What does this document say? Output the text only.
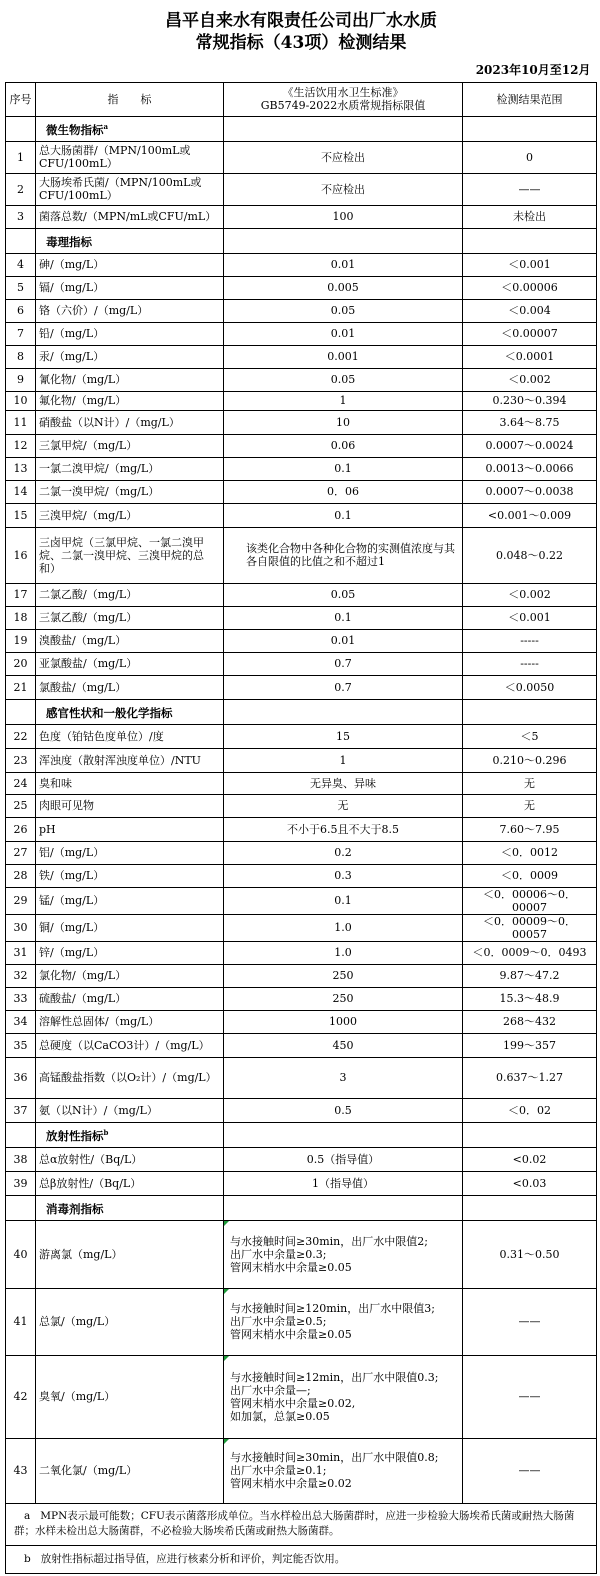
昌平自来水有限责任公司出厂水水质
常规指标（43项）检测结果			

2023年10月至12月			
序号	指　　标	《生活饮用水卫生标准》
GB5749-2022水质常规指标限值	检测结果范围
	微生物指标$^a$		
1	总大肠菌群/（MPN/100mL或CFU/100mL）	不应检出	0
2	大肠埃希氏菌/（MPN/100mL或CFU/100mL）	不应检出	——
3	菌落总数/（MPN/mL或CFU/mL）	100	未检出
	毒理指标		
4	砷/（mg/L）	0.01	＜0.001
5	镉/（mg/L）	0.005	＜0.00006
6	铬（六价）/（mg/L）	0.05	＜0.004
7	铅/（mg/L）	0.01	＜0.00007
8	汞/（mg/L）	0.001	＜0.0001
9	氰化物/（mg/L）	0.05	＜0.002
10	氟化物/（mg/L）	1	0.230～0.394
11	硝酸盐（以N计）/（mg/L）	10	3.64～8.75
12	三氯甲烷/（mg/L）	0.06	0.0007～0.0024
13	一氯二溴甲烷/（mg/L）	0.1	0.0013～0.0066
14	二氯一溴甲烷/（mg/L）	0．06	0.0007～0.0038
15	三溴甲烷/（mg/L）	0.1	<0.001～0.009
16	三卤甲烷（三氯甲烷、一氯二溴甲烷、二氯一溴甲烷、三溴甲烷的总和）	该类化合物中各种化合物的实测值浓度与其各自限值的比值之和不超过1	0.048～0.22
17	二氯乙酸/（mg/L）	0.05	＜0.002
18	三氯乙酸/（mg/L）	0.1	＜0.001
19	溴酸盐/（mg/L）	0.01	-----
20	亚氯酸盐/（mg/L）	0.7	-----
21	氯酸盐/（mg/L）	0.7	＜0.0050
	感官性状和一般化学指标		
22	色度（铂钴色度单位）/度	15	＜5
23	浑浊度（散射浑浊度单位）/NTU	1	0.210～0.296
24	臭和味	无异臭、异味	无
25	肉眼可见物	无	无
26	pH	不小于6.5且不大于8.5	7.60～7.95
27	铝/（mg/L）	0.2	＜0．0012
28	铁/（mg/L）	0.3	＜0．0009
29	锰/（mg/L）	0.1	＜0．00006～0．00007
30	铜/（mg/L）	1.0	＜0．00009～0．00057
31	锌/（mg/L）	1.0	＜0．0009～0．0493
32	氯化物/（mg/L）	250	9.87～47.2
33	硫酸盐/（mg/L）	250	15.3～48.9
34	溶解性总固体/（mg/L）	1000	268～432
35	总硬度（以CaCO3计）/（mg/L）	450	199～357
36	高锰酸盐指数（以O₂计）/（mg/L）	3	0.637～1.27
37	氨（以N计）/（mg/L）	0.5	＜0．02
	放射性指标$^b$		
38	总α放射性/（Bq/L）	0.5（指导值）	<0.02
39	总β放射性/（Bq/L）	1（指导值）	<0.03
	消毒剂指标		
40	游离氯（mg/L）	与水接触时间≥30min，出厂水中限值2;
出厂水中余量≥0.3;
管网末梢水中余量≥0.05	0.31～0.50
41	总氯/（mg/L）	与水接触时间≥120min，出厂水中限值3;
出厂水中余量≥0.5;
管网末梢水中余量≥0.05	——
42	臭氧/（mg/L）	与水接触时间≥12min，出厂水中限值0.3;
出厂水中余量—;
管网末梢水中余量≥0.02,
如加氯，总氯≥0.05	——
43	二氧化氯/（mg/L）	与水接触时间≥30min，出厂水中限值0.8;
出厂水中余量≥0.1;
管网末梢水中余量≥0.02	——
a MPN表示最可能数；CFU表示菌落形成单位。当水样检出总大肠菌群时，应进一步检验大肠埃希氏菌或耐热大肠菌群；水样未检出总大肠菌群，不必检验大肠埃希氏菌或耐热大肠菌群。			
b 放射性指标超过指导值，应进行核素分析和评价，判定能否饮用。			
